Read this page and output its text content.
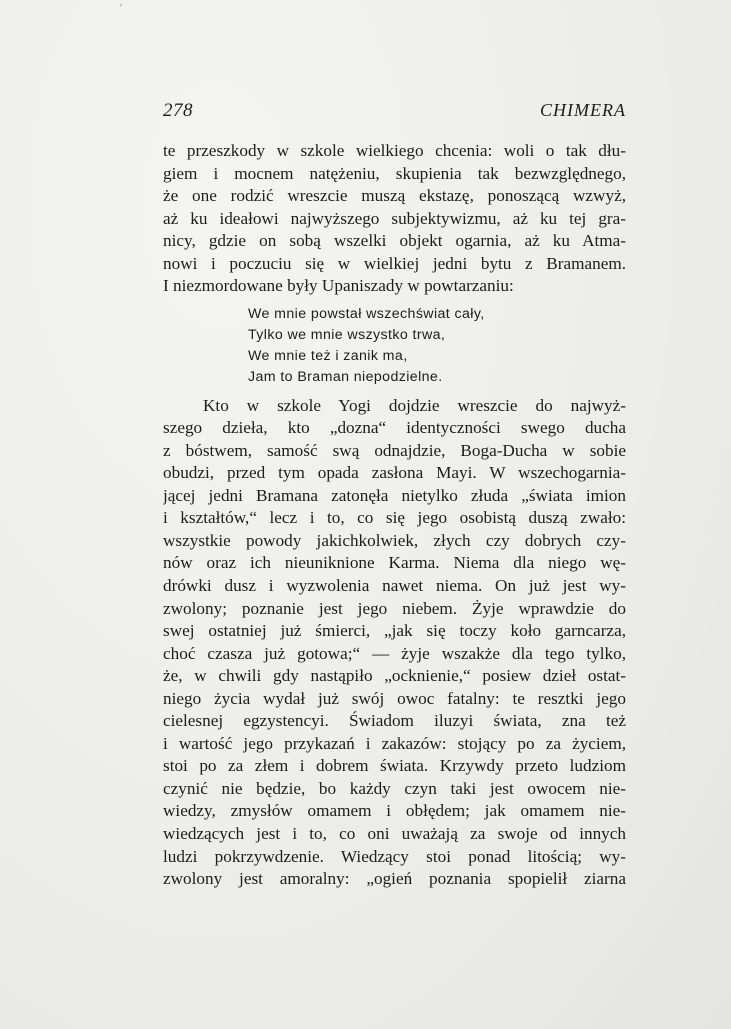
'
278	CHIMERA
te przeszkody w szkole wielkiego chcenia: woli o tak dłu-
giem i mocnem natężeniu, skupienia tak bezwzględnego,
że one rodzić wreszcie muszą ekstazę, ponoszącą wzwyż,
aż ku ideałowi najwyższego subjektywizmu, aż ku tej gra-
nicy, gdzie on sobą wszelki objekt ogarnia, aż ku Atma-
nowi i poczuciu się w wielkiej jedni bytu z Bramanem.
I niezmordowane były Upaniszady w powtarzaniu:
We mnie powstał wszechświat cały,
Tylko we mnie wszystko trwa,
We mnie też i zanik ma,
Jam to Braman niepodzielne.
Kto w szkole Yogi dojdzie wreszcie do najwyż-
szego dzieła, kto „dozna“ identyczności swego ducha
z bóstwem, samość swą odnajdzie, Boga-Ducha w sobie
obudzi, przed tym opada zasłona Mayi. W wszechogarnia-
jącej jedni Bramana zatonęła nietylko złuda „świata imion
i kształtów,“ lecz i to, co się jego osobistą duszą zwało:
wszystkie powody jakichkolwiek, złych czy dobrych czy-
nów oraz ich nieuniknione Karma. Niema dla niego wę-
drówki dusz i wyzwolenia nawet niema. On już jest wy-
zwolony; poznanie jest jego niebem. Żyje wprawdzie do
swej ostatniej już śmierci, „jak się toczy koło garncarza,
choć czasza już gotowa;“ — żyje wszakże dla tego tylko,
że, w chwili gdy nastąpiło „ocknienie,“ posiew dzieł ostat-
niego życia wydał już swój owoc fatalny: te resztki jego
cielesnej egzystencyi. Świadom iluzyi świata, zna też
i wartość jego przykazań i zakazów: stojący po za życiem,
stoi po za złem i dobrem świata. Krzywdy przeto ludziom
czynić nie będzie, bo każdy czyn taki jest owocem nie-
wiedzy, zmysłów omamem i obłędem; jak omamem nie-
wiedzących jest i to, co oni uważają za swoje od innych
ludzi pokrzywdzenie. Wiedzący stoi ponad litością; wy-
zwolony jest amoralny: „ogień poznania spopielił ziarna
